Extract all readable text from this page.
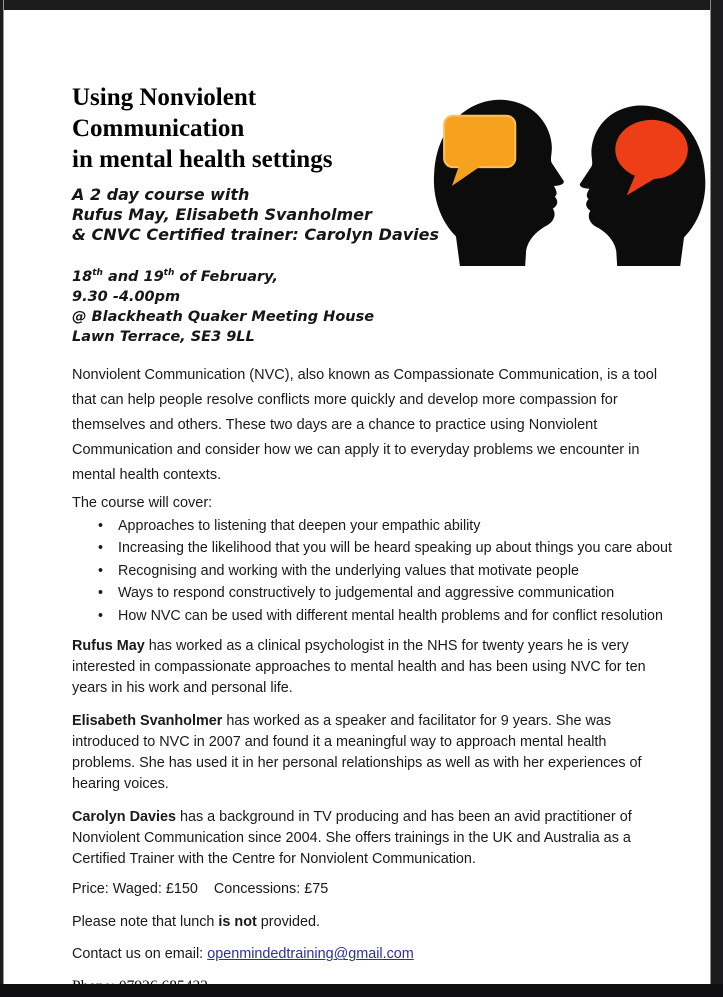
Using Nonviolent
Communication
in mental health settings
A 2 day course with
Rufus May, Elisabeth Svanholmer
& CNVC Certified trainer: Carolyn Davies
18th and 19th of February,
9.30 -4.00pm
@ Blackheath Quaker Meeting House
Lawn Terrace, SE3 9LL

Nonviolent Communication (NVC), also known as Compassionate Communication, is a tool that can help people resolve conflicts more quickly and develop more compassion for themselves and others. These two days are a chance to practice using Nonviolent Communication and consider how we can apply it to everyday problems we encounter in mental health contexts.

The course will cover:

•	Approaches to listening that deepen your empathic ability
•	Increasing the likelihood that you will be heard speaking up about things you care about
•	Recognising and working with the underlying values that motivate people
•	Ways to respond constructively to judgemental and aggressive communication
•	How NVC can be used with different mental health problems and for conflict resolution

Rufus May has worked as a clinical psychologist in the NHS for twenty years he is very interested in compassionate approaches to mental health and has been using NVC for ten years in his work and personal life.

Elisabeth Svanholmer has worked as a speaker and facilitator for 9 years. She was introduced to NVC in 2007 and found it a meaningful way to approach mental health problems. She has used it in her personal relationships as well as with her experiences of hearing voices.

Carolyn Davies has a background in TV producing and has been an avid practitioner of Nonviolent Communication since 2004. She offers trainings in the UK and Australia as a Certified Trainer with the Centre for Nonviolent Communication.

Price: Waged: £150 Concessions: £75

Please note that lunch is not provided.

Contact us on email: openmindedtraining@gmail.com

Phone: 07926 685432
